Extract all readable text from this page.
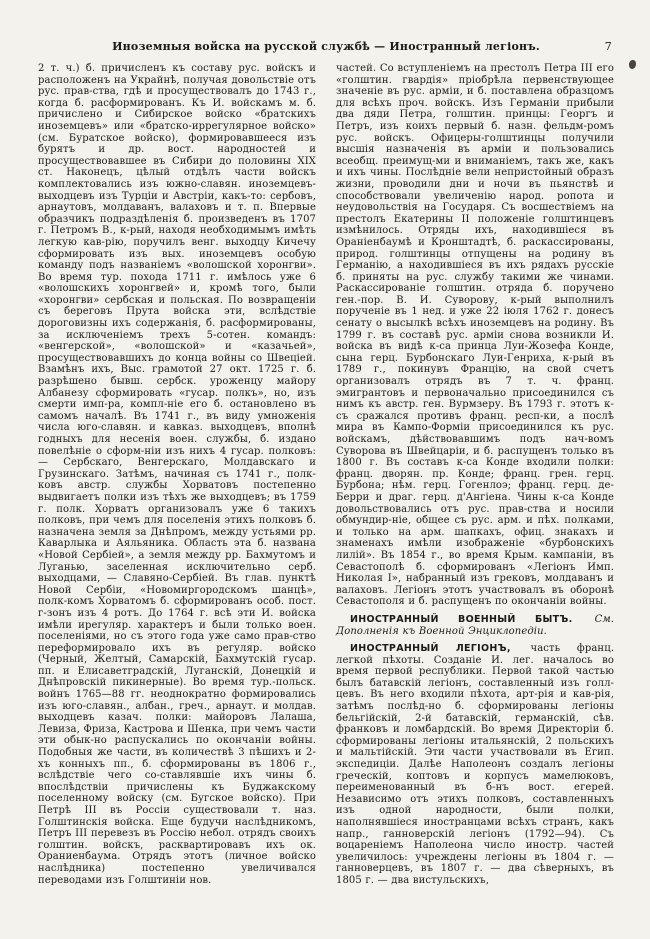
Иноземныя войска на русской службѣ — Иностранный легіонъ.	7

2 т. ч.) б. причисленъ къ составу рус. войскъ и расположенъ на Украйнѣ, получая довольствіе отъ рус. прав-ства, гдѣ и просуществовалъ до 1743 г., когда б. расформированъ. Къ И. войскамъ м. б. причислено и Сибирское войско «братскихъ иноземцевъ» или «братско-иррегулярное войско» (см. Буратское войско), формировавшееся изъ бурятъ и др. вост. народностей и просуществовавшее въ Сибири до половины XIX ст. Наконецъ, цѣлый отдѣлъ части войскъ комплектовались изъ южно-славян. иноземцевъ-выходцевъ изъ Турціи и Австріи, какъ-то: сербовъ, арнаутовъ, молдаванъ, валаховъ и т. п. Впервые образчикъ подраздѣленія б. произведенъ въ 1707 г. Петромъ В., к-рый, находя необходимымъ имѣть легкую кав-рію, поручилъ венг. выходцу Кичечу сформировать изъ вых. иноземцевъ особую команду подъ названіемъ «волошской хоронгви». Во время тур. похода 1711 г. имѣлось уже 6 «волошскихъ хоронгвей» и, кромѣ того, были «хоронгви» сербская и польская. По возвращеніи съ береговъ Прута войска эти, вслѣдствіе дороговизны ихъ содержанія, б. расформированы, за исключеніемъ трехъ 5-сотен. командъ: «венгерской», «волошской» и «казачьей», просуществовавшихъ до конца войны со Швеціей. Взамѣнъ ихъ, Выс. грамотой 27 окт. 1725 г. б. разрѣшено бывш. сербск. уроженцу майору Албанезу сформировать «гусар. полкъ», но, изъ смерти имп-ра, компл-ніе его б. остановлено въ самомъ началѣ. Въ 1741 г., въ виду умноженія числа юго-славян. и кавказ. выходцевъ, вполнѣ годныхъ для несенія воен. службы, б. издано повелѣніе о сформ-ніи изъ нихъ 4 гусар. полковъ: — Сербскаго, Венгерскаго, Молдавскаго и Грузинскаго. Затѣмъ, начиная съ 1741 г., полк-ковъ австр. службы Хорватовъ постепенно выдвигаетъ полки изъ тѣхъ же выходцевъ; въ 1759 г. полк. Хорватъ организовалъ уже 6 такихъ полковъ, при чемъ для поселенія этихъ полковъ б. назначена земля за Днѣпромъ, между устьями рр. Каварлыка и Аяльяника. Область эта б. названа «Новой Сербіей», а земля между рр. Бахмутомъ и Луганью, заселенная исключительно серб. выходцами, — Славяно-Сербіей. Въ глав. пунктѣ Новой Сербіи, «Новомиргородскомъ шанцѣ», полк-комъ Хорватомъ б. сформированъ особ. пост. г-зонъ изъ 4 ротъ. До 1764 г. всѣ эти И. войска имѣли ирегуляр. характеръ и были только воен. поселеніями, но съ этого года уже само прав-ство переформировало ихъ въ регуляр. войско (Черный, Желтый, Самарскій, Бахмутскій гусар. пп. и Елисаветградскій, Луганскій, Донецкій и Днѣпровскій пикинерные). Во время тур.-польск. войнъ 1765—88 гг. неоднократно формировались изъ юго-славян., албан., греч., арнаут. и молдав. выходцевъ казач. полки: майоровъ Лалаша, Левиза, Фриза, Кастрова и Шенка, при чемъ части эти обык-но распускались по окончаніи войны. Подобныя же части, въ количествѣ 3 пѣшихъ и 2-хъ конныхъ пп., б. сформированы въ 1806 г., вслѣдствіе чего со-ставлявшіе ихъ чины б. впослѣдствіи причислены къ Буджакскому поселенному войску (см. Бугское войско). При Петрѣ III въ Россіи существовали т. наз. Голштинскія войска. Еще будучи наслѣдникомъ, Петръ III перевезъ въ Россію небол. отрядъ своихъ голштин. войскъ, расквартировавъ ихъ ок. Ораниенбаума. Отрядъ этотъ (личное войско наслѣдника) постепенно увеличивался переводами изъ Голштиніи нов.

частей. Со вступленіемъ на престолъ Петра III его «голштин. гвардія» пріобрѣла первенствующее значеніе въ рус. арміи, и б. поставлена образцомъ для всѣхъ проч. войскъ. Изъ Германіи прибыли два дяди Петра, голштин. принцы: Георгъ и Петръ, изъ коихъ первый б. назн. фельдм-ромъ рус. войскъ. Офицеры-голштинцы получили высшія назначенія въ арміи и пользовались всеобщ. преимущ-ми и вниманіемъ, такъ же, какъ и ихъ чины. Послѣдніе вели непристойный образъ жизни, проводили дни и ночи въ пьянствѣ и способствовали увеличенію народ. ропота и неудовольствія на Государя. Съ восшествіемъ на престолъ Екатерины II положеніе голштинцевъ измѣнилось. Отряды ихъ, находившіеся въ Ораніенбаумѣ и Кронштадтѣ, б. раскассированы, природ. голштинцы отпущены на родину въ Германію, а находившіеся въ ихъ рядахъ русскіе б. приняты на рус. службу такими же чинами. Раскассированіе голштин. отряда б. поручено ген.-пор. В. И. Суворову, к-рый выполнилъ порученіе въ 1 нед. и уже 22 іюля 1762 г. донесъ сенату о высылкѣ всѣхъ иноземцевъ на родину. Въ 1799 г. въ составѣ рус. арміи снова возникли И. войска въ видѣ к-са принца Луи-Жозефа Конде, сына герц. Бурбонскаго Луи-Генриха, к-рый въ 1789 г., покинувъ Францію, на свой счетъ организовалъ отрядъ въ 7 т. ч. франц. эмигрантовъ и первоначально присоединился съ нимъ къ австр. ген. Вурмзеру. Въ 1793 г. этотъ к-съ сражался противъ франц. респ-ки, а послѣ мира въ Кампо-Форміи присоединился къ рус. войскамъ, дѣйствовавшимъ подъ нач-вомъ Суворова въ Швейцаріи, и б. распущенъ только въ 1800 г. Въ составъ к-са Конде входили полки: франц. дворян. пр. Конде; франц. грен. герц. Бурбона; нѣм. герц. Гогенлоэ; франц. герц. де-Берри и драг. герц. д'Ангіена. Чины к-са Конде довольствовались отъ рус. прав-ства и носили обмундир-ніе, общее съ рус. арм. и пѣх. полками, и только на арм. шапкахъ, офиц. знакахъ и знаменахъ имѣли изображеніе «бурбонскихъ лилій». Въ 1854 г., во время Крым. кампаніи, въ Севастополѣ б. сформированъ «Легіонъ Имп. Николая I», набранный изъ грековъ, молдаванъ и валаховъ. Легіонъ этотъ участвовалъ въ оборонѣ Севастополя и б. распущенъ по окончаніи войны.

ИНОСТРАННЫЙ ВОЕННЫЙ БЫТЪ. См. Дополненія къ Военной Энциклопедіи.

ИНОСТРАННЫЙ ЛЕГІОНЪ, часть франц. легкой пѣхоты. Созданіе И. лег. началось во время первой республики. Первой такой частью былъ батавскій легіонъ, составленный изъ голл-цевъ. Въ него входили пѣхота, арт-рія и кав-рія, затѣмъ послѣд-но б. сформированы легіоны бельгійскій, 2-й батавскій, германскій, сѣв. франковъ и ломбардскій. Во время Директоріи б. сформированы легіоны итальянскій, 2 польскихъ и мальтійскій. Эти части участвовали въ Егип. экспедиціи. Далѣе Наполеонъ создалъ легіоны греческій, коптовъ и корпусъ мамелюковъ, переименованный въ б-нъ вост. егерей. Независимо отъ этихъ полковъ, составленныхъ изъ одной народности, были полки, наполнявшіеся иностранцами всѣхъ странъ, какъ напр., ганноверскій легіонъ (1792—94). Съ воцареніемъ Наполеона число иностр. частей увеличилось: учреждены легіоны въ 1804 г. — ганноверцевъ, въ 1807 г. — два сѣверныхъ, въ 1805 г. — два вистульскихъ,
